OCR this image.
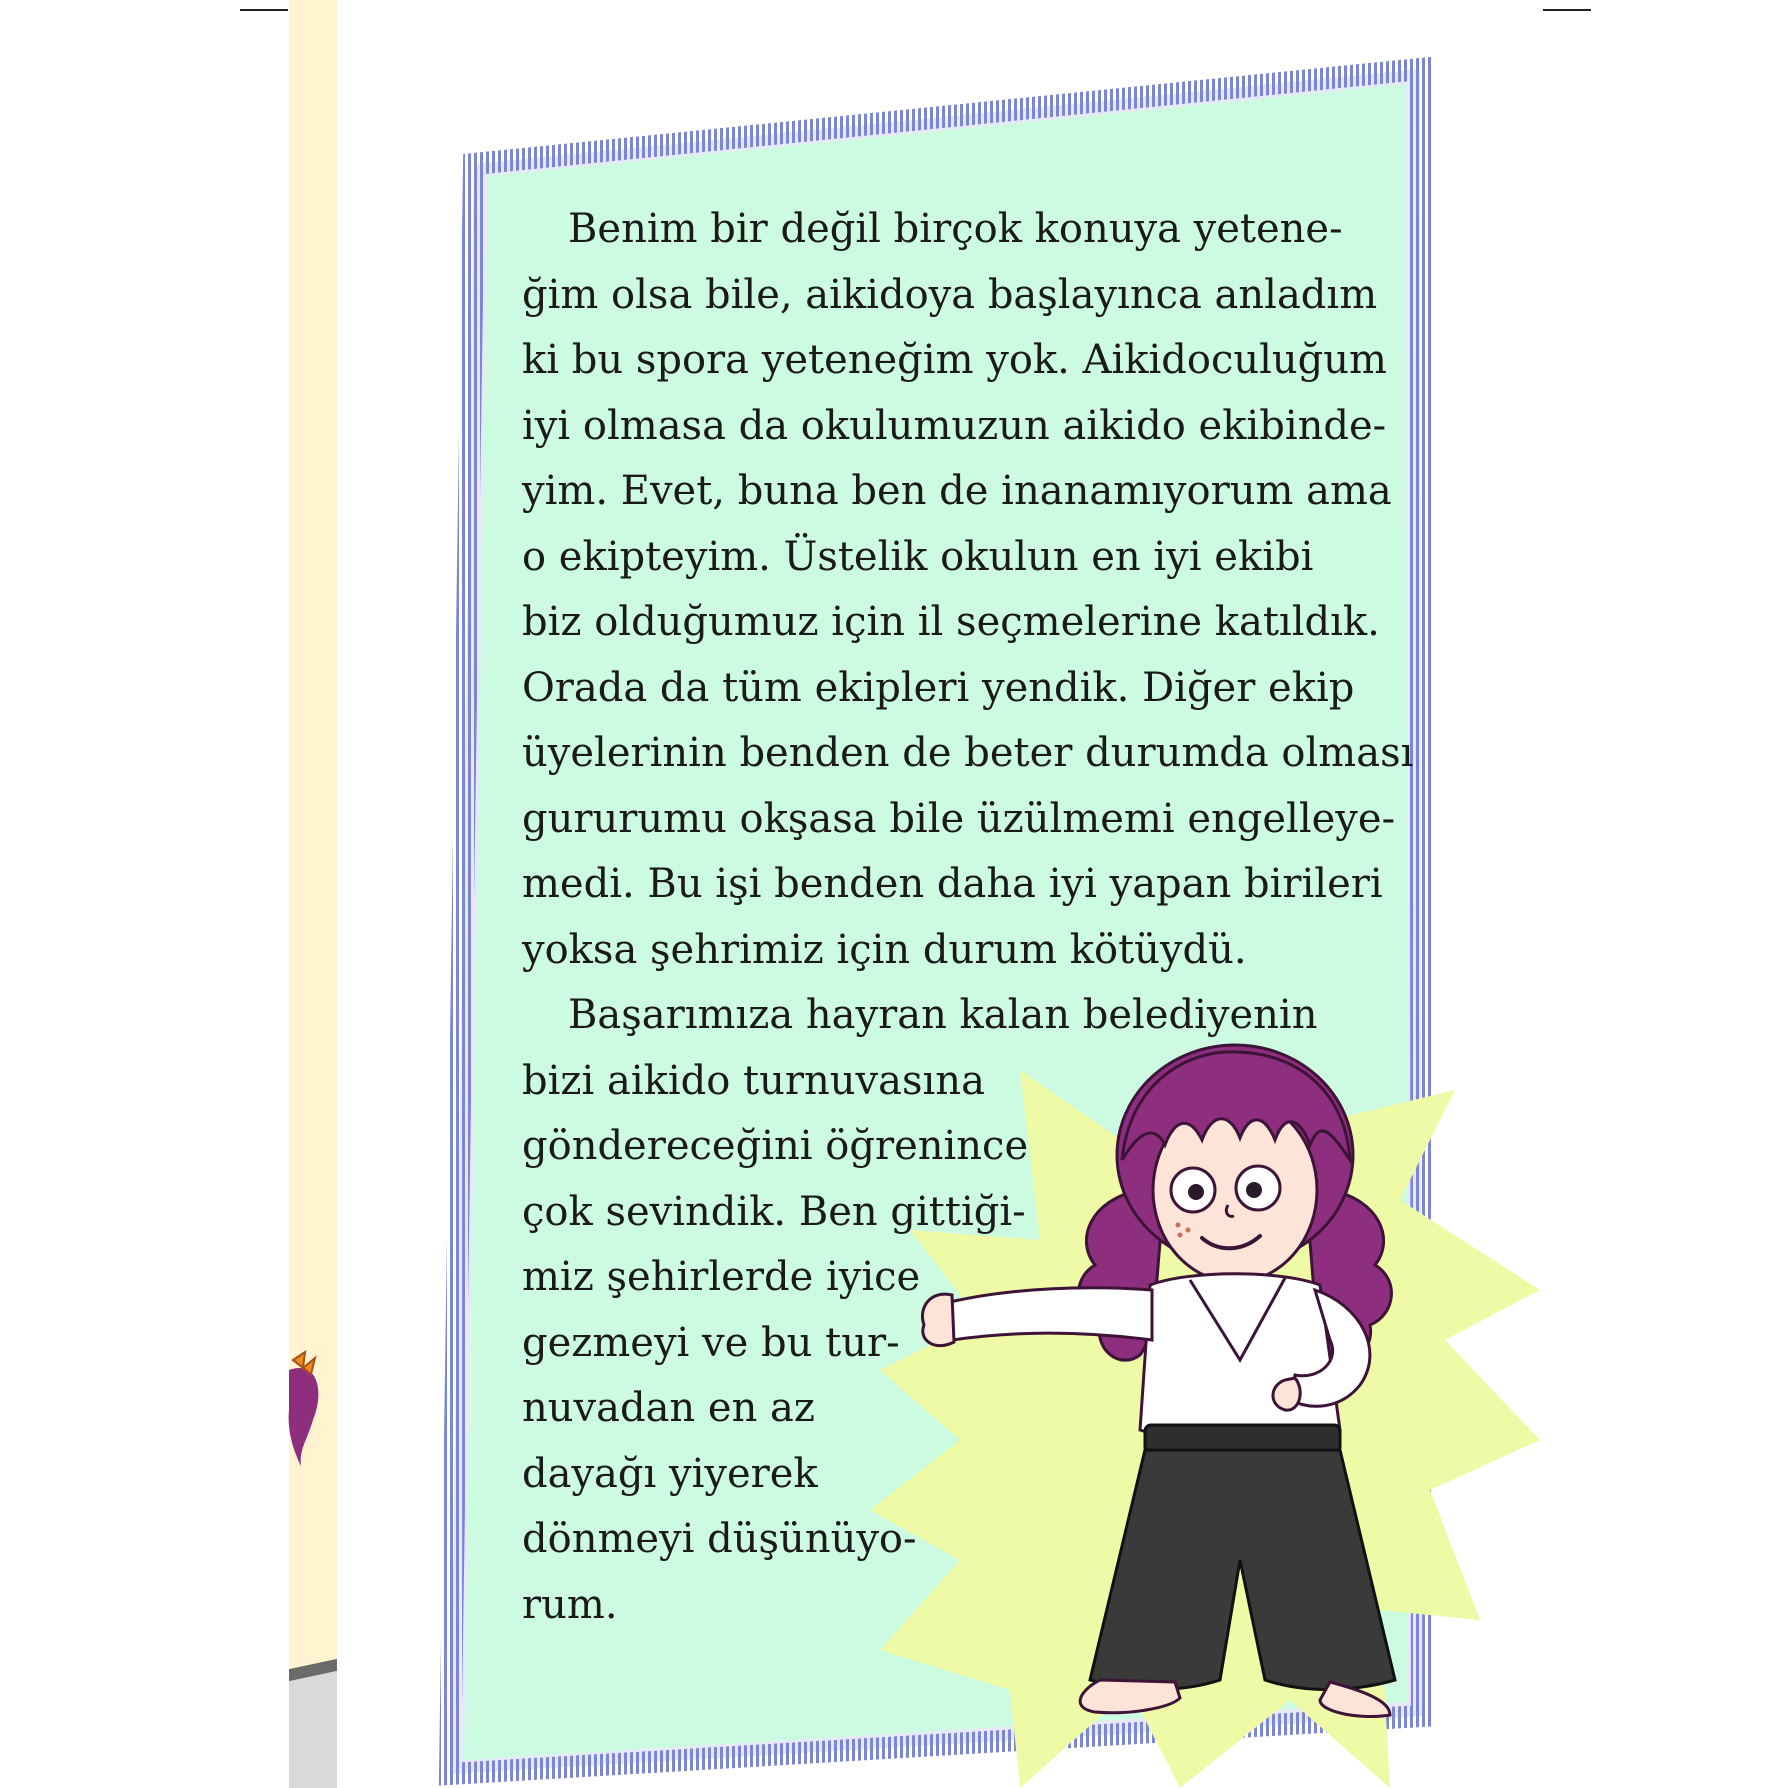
Benim bir değil birçok konuya yetene-
ğim olsa bile, aikidoya başlayınca anladım
ki bu spora yeteneğim yok. Aikidoculuğum
iyi olmasa da okulumuzun aikido ekibinde-
yim. Evet, buna ben de inanamıyorum ama
o ekipteyim. Üstelik okulun en iyi ekibi
biz olduğumuz için il seçmelerine katıldık.
Orada da tüm ekipleri yendik. Diğer ekip
üyelerinin benden de beter durumda olması
gururumu okşasa bile üzülmemi engelleye-
medi. Bu işi benden daha iyi yapan birileri
yoksa şehrimiz için durum kötüydü.
Başarımıza hayran kalan belediyenin
bizi aikido turnuvasına
göndereceğini öğrenince
çok sevindik. Ben gittiği-
miz şehirlerde iyice
gezmeyi ve bu tur-
nuvadan en az
dayağı yiyerek
dönmeyi düşünüyo-
rum.
